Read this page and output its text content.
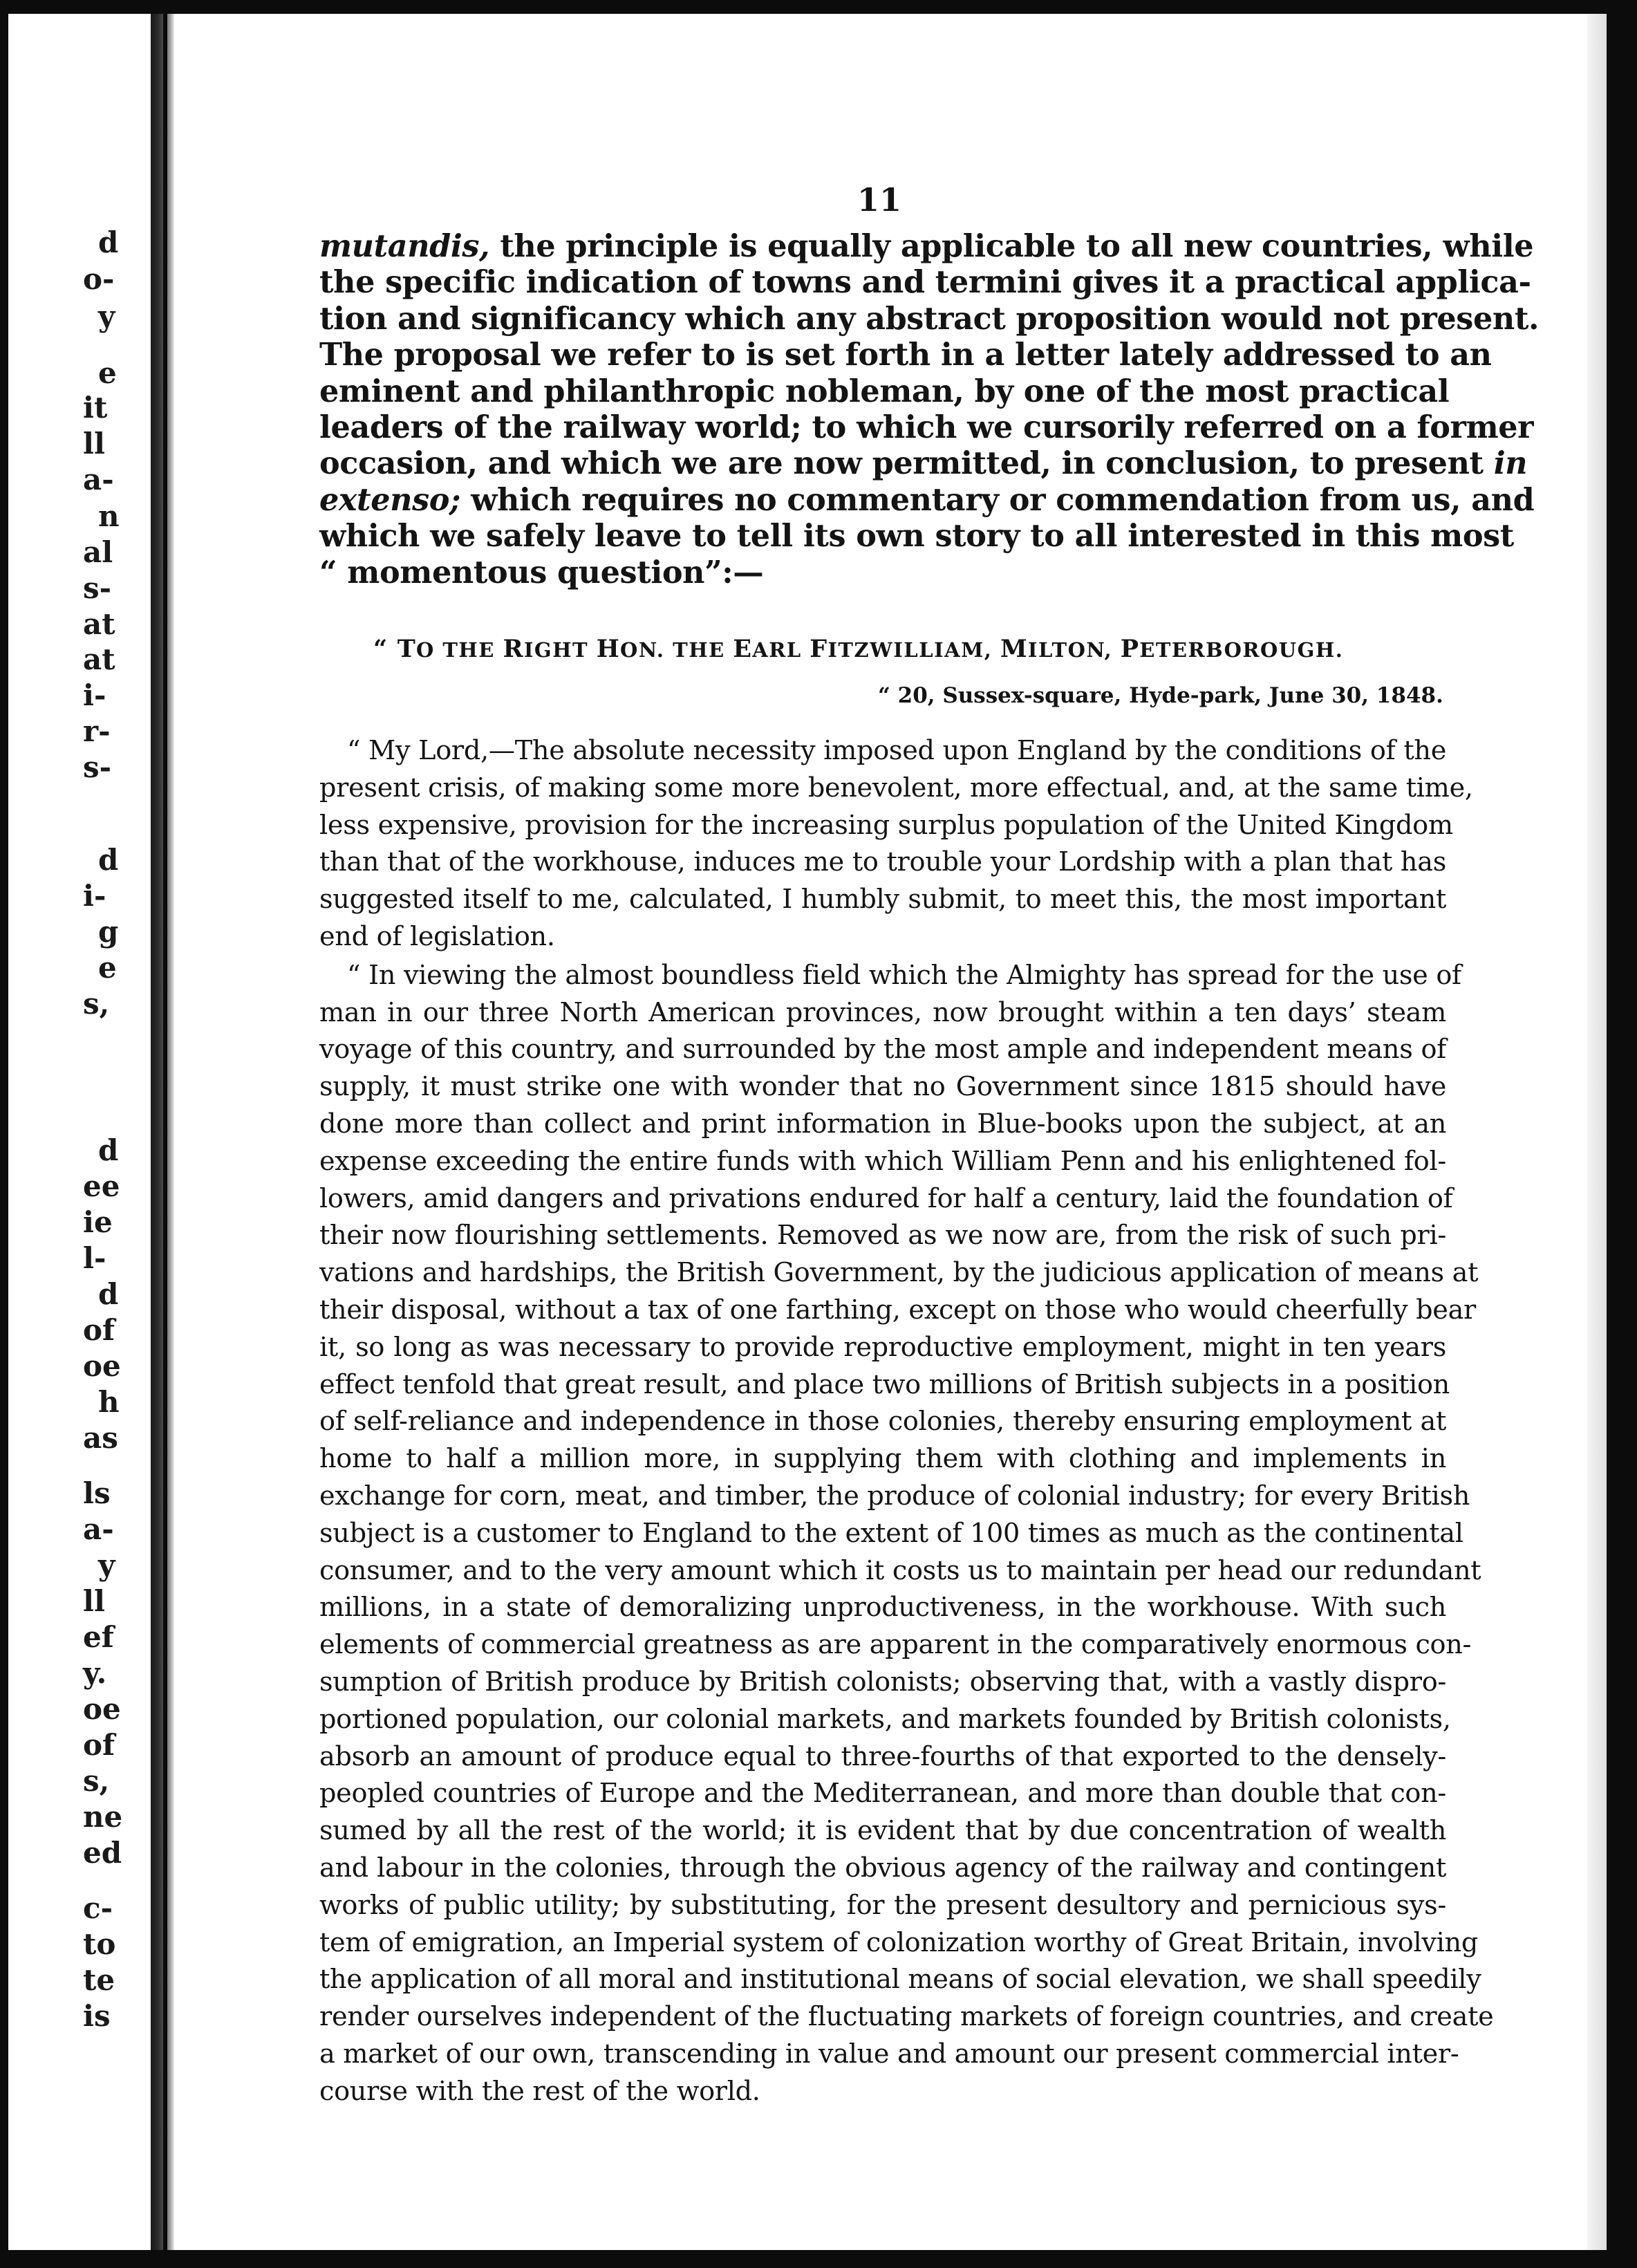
d
o-
y
e
it
ll
a-
n
al
s-
at
at
i-
r-
s-
d
i-
g
e
s,
d
ee
ie
l-
d
of
oe
h
as
ls
a-
y
ll
ef
y.
oe
of
s,
ne
ed
c-
to
te
is
11
mutandis, the principle is equally applicable to all new countries, while
the specific indication of towns and termini gives it a practical applica-
tion and significancy which any abstract proposition would not present.
The proposal we refer to is set forth in a letter lately addressed to an
eminent and philanthropic nobleman, by one of the most practical
leaders of the railway world; to which we cursorily referred on a former
occasion, and which we are now permitted, in conclusion, to present in
extenso; which requires no commentary or commendation from us, and
which we safely leave to tell its own story to all interested in this most
“ momentous question”:—
“ TO THE RIGHT HON. THE EARL FITZWILLIAM, MILTON, PETERBOROUGH.
“ 20, Sussex-square, Hyde-park, June 30, 1848.
“ My Lord,—The absolute necessity imposed upon England by the conditions of the
present crisis, of making some more benevolent, more effectual, and, at the same time,
less expensive, provision for the increasing surplus population of the United Kingdom
than that of the workhouse, induces me to trouble your Lordship with a plan that has
suggested itself to me, calculated, I humbly submit, to meet this, the most important
end of legislation.
“ In viewing the almost boundless field which the Almighty has spread for the use of
man in our three North American provinces, now brought within a ten days’ steam
voyage of this country, and surrounded by the most ample and independent means of
supply, it must strike one with wonder that no Government since 1815 should have
done more than collect and print information in Blue-books upon the subject, at an
expense exceeding the entire funds with which William Penn and his enlightened fol-
lowers, amid dangers and privations endured for half a century, laid the foundation of
their now flourishing settlements. Removed as we now are, from the risk of such pri-
vations and hardships, the British Government, by the judicious application of means at
their disposal, without a tax of one farthing, except on those who would cheerfully bear
it, so long as was necessary to provide reproductive employment, might in ten years
effect tenfold that great result, and place two millions of British subjects in a position
of self-reliance and independence in those colonies, thereby ensuring employment at
home to half a million more, in supplying them with clothing and implements in
exchange for corn, meat, and timber, the produce of colonial industry; for every British
subject is a customer to England to the extent of 100 times as much as the continental
consumer, and to the very amount which it costs us to maintain per head our redundant
millions, in a state of demoralizing unproductiveness, in the workhouse. With such
elements of commercial greatness as are apparent in the comparatively enormous con-
sumption of British produce by British colonists; observing that, with a vastly dispro-
portioned population, our colonial markets, and markets founded by British colonists,
absorb an amount of produce equal to three-fourths of that exported to the densely-
peopled countries of Europe and the Mediterranean, and more than double that con-
sumed by all the rest of the world; it is evident that by due concentration of wealth
and labour in the colonies, through the obvious agency of the railway and contingent
works of public utility; by substituting, for the present desultory and pernicious sys-
tem of emigration, an Imperial system of colonization worthy of Great Britain, involving
the application of all moral and institutional means of social elevation, we shall speedily
render ourselves independent of the fluctuating markets of foreign countries, and create
a market of our own, transcending in value and amount our present commercial inter-
course with the rest of the world.
